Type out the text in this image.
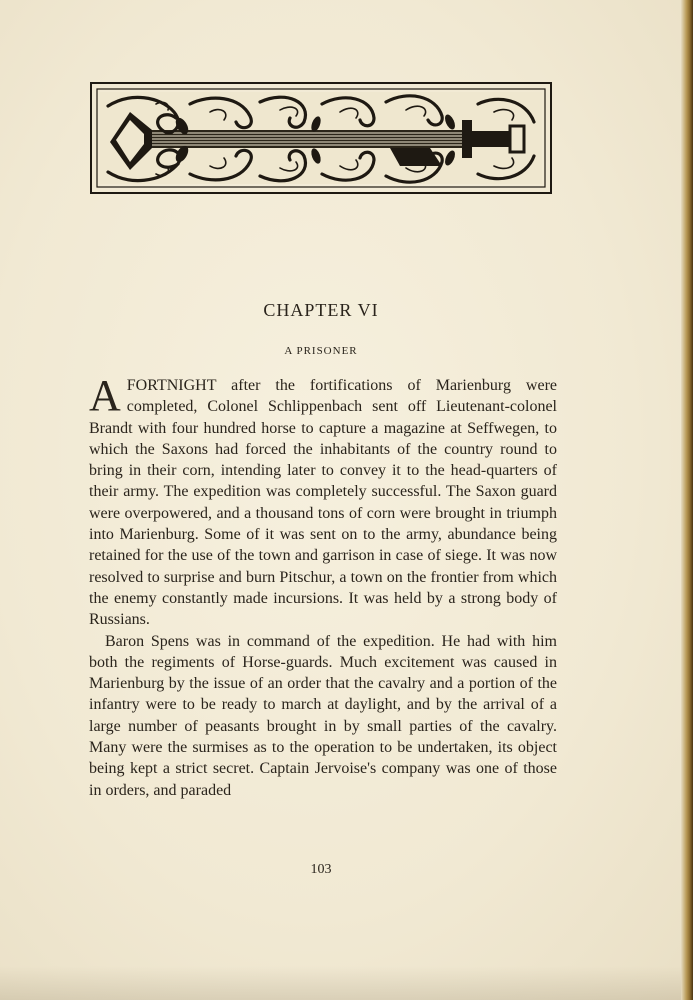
CHAPTER VI
A PRISONER

AFORTNIGHT after the fortifications of Marienburg were completed, Colonel Schlippenbach sent off Lieutenant-colonel Brandt with four hundred horse to capture a magazine at Seffwegen, to which the Saxons had forced the inhabitants of the country round to bring in their corn, intending later to convey it to the head-quarters of their army. The expedition was completely successful. The Saxon guard were overpowered, and a thousand tons of corn were brought in triumph into Marienburg. Some of it was sent on to the army, abundance being retained for the use of the town and garrison in case of siege. It was now resolved to surprise and burn Pitschur, a town on the frontier from which the enemy constantly made incursions. It was held by a strong body of Russians.

Baron Spens was in command of the expedition. He had with him both the regiments of Horse-guards. Much excitement was caused in Marienburg by the issue of an order that the cavalry and a portion of the infantry were to be ready to march at daylight, and by the arrival of a large number of peasants brought in by small parties of the cavalry. Many were the surmises as to the operation to be undertaken, its object being kept a strict secret. Captain Jervoise's company was one of those in orders, and paraded

103
